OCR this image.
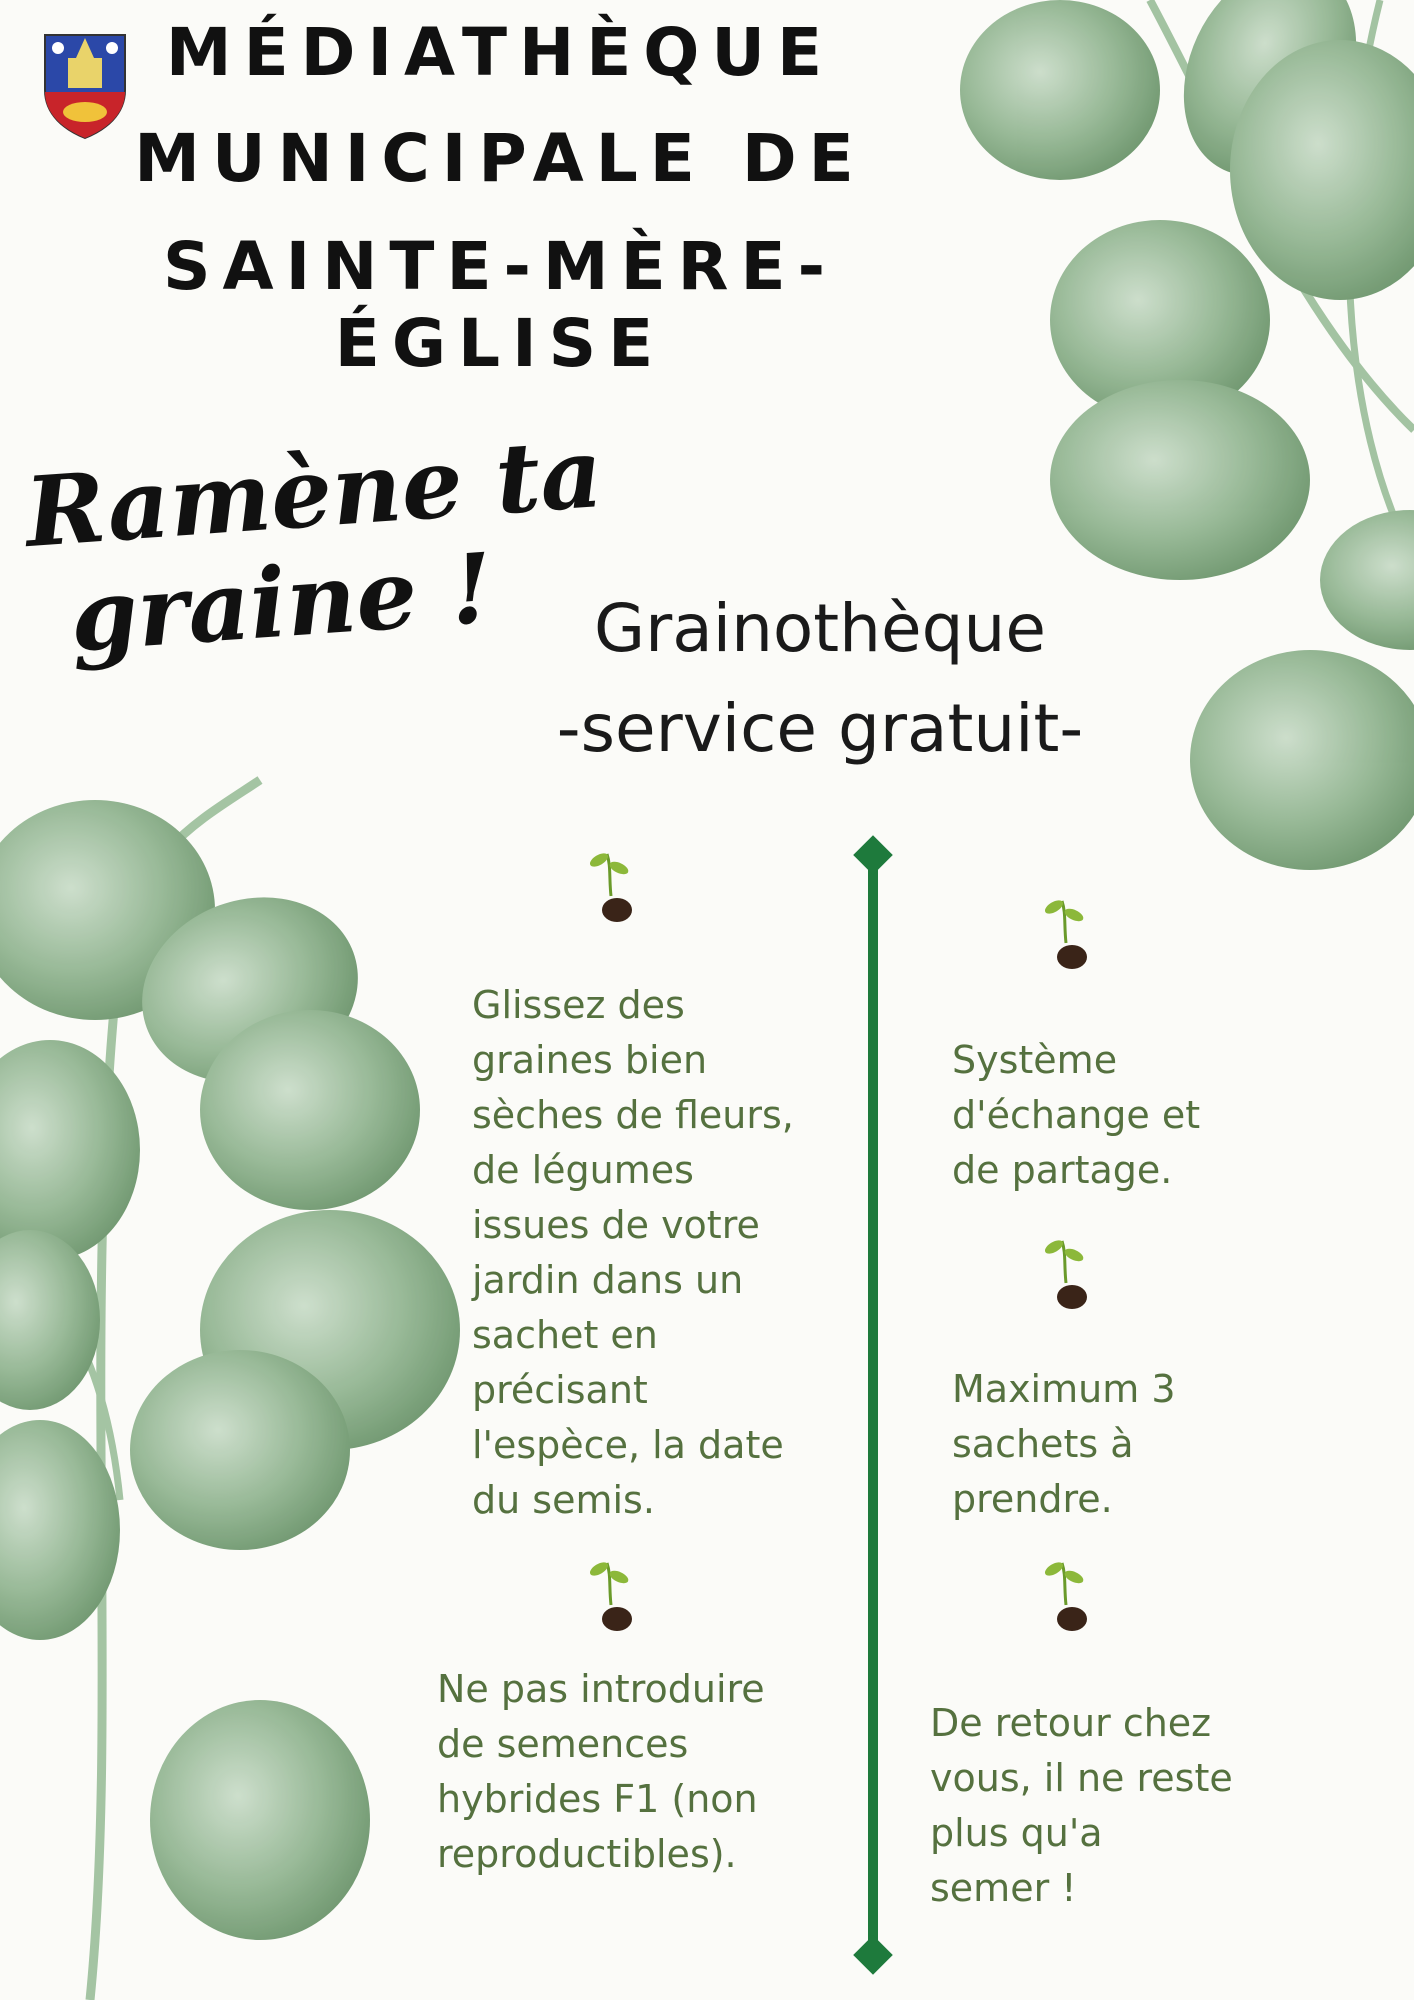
MÉDIATHÈQUE
MUNICIPALE DE
SAINTE-MÈRE-ÉGLISE
Ramène ta
graine !	Grainothèque
-service gratuit-
Glissez des
graines bien
sèches de fleurs,
de légumes
issues de votre
jardin dans un
sachet en
précisant
l'espèce, la date
du semis.
Ne pas introduire
de semences
hybrides F1 (non
reproductibles).
Système
d'échange et
de partage.
Maximum 3
sachets à
prendre.
De retour chez
vous, il ne reste
plus qu'a
semer !
